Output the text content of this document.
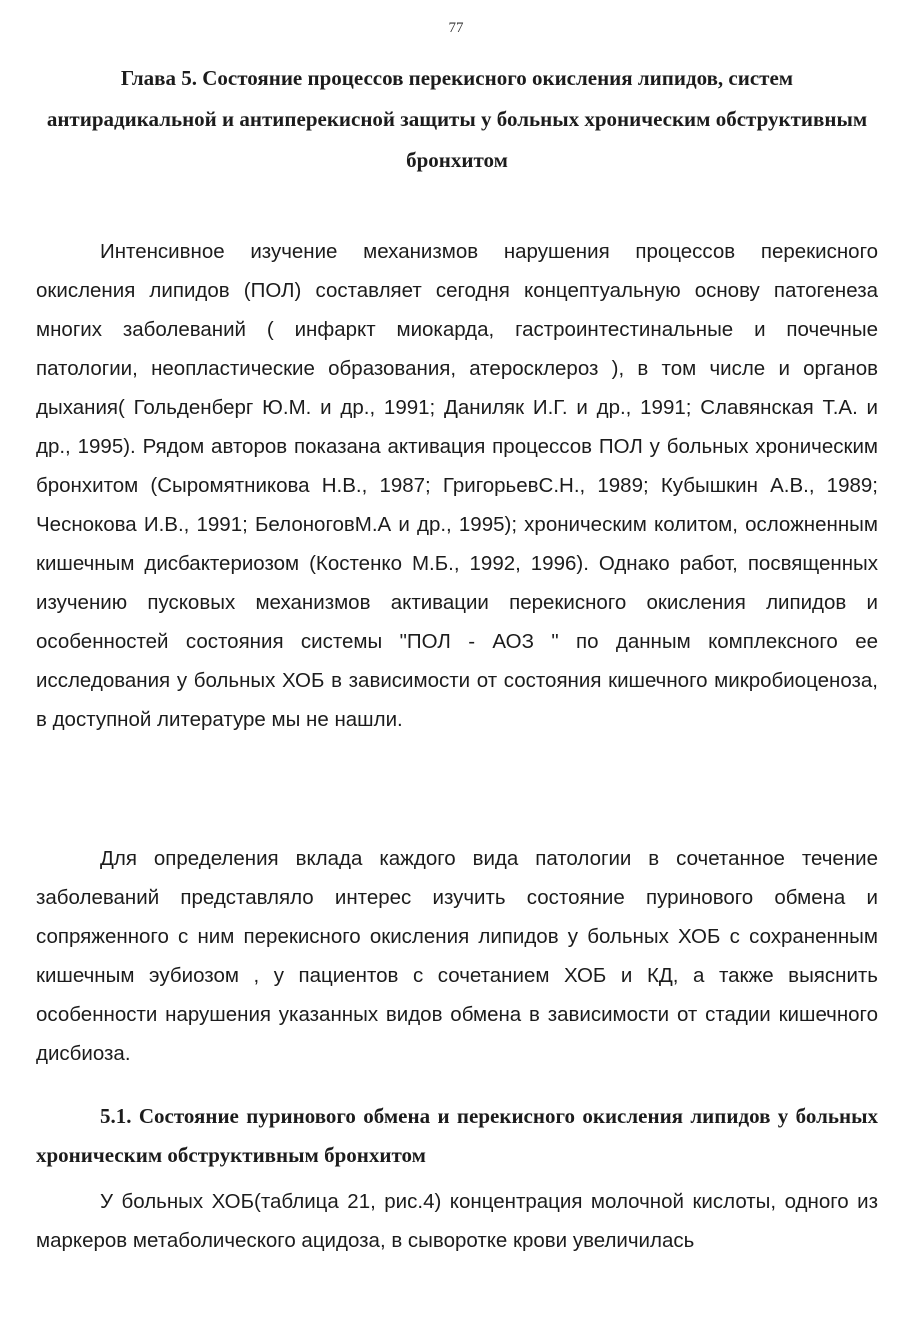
77
Глава 5. Состояние процессов перекисного окисления липидов, систем антирадикальной и антиперекисной защиты у больных хроническим обструктивным бронхитом

Интенсивное изучение механизмов нарушения процессов перекисного окисления липидов (ПОЛ) составляет сегодня концептуальную основу патогенеза многих заболеваний ( инфаркт миокарда, гастроинтестинальные и почечные патологии, неопластические образования, атеросклероз ), в том числе и органов дыхания( Гольденберг Ю.М. и др., 1991; Даниляк И.Г. и др., 1991; Славянская Т.А. и др., 1995). Рядом авторов показана активация процессов ПОЛ у больных хроническим бронхитом (Сыромятникова Н.В., 1987; ГригорьевС.Н., 1989; Кубышкин А.В., 1989; Чеснокова И.В., 1991; БелоноговМ.А и др., 1995); хроническим колитом, осложненным кишечным дисбактериозом (Костенко М.Б., 1992, 1996). Однако работ, посвященных изучению пусковых механизмов активации перекисного окисления липидов и особенностей состояния системы "ПОЛ - АОЗ " по данным комплексного ее исследования у больных ХОБ в зависимости от состояния кишечного микробиоценоза, в доступной литературе мы не нашли.

Для определения вклада каждого вида патологии в сочетанное течение заболеваний представляло интерес изучить состояние пуринового обмена и сопряженного с ним перекисного окисления липидов у больных ХОБ с сохраненным кишечным эубиозом , у пациентов с сочетанием ХОБ и КД, а также выяснить особенности нарушения указанных видов обмена в зависимости от стадии кишечного дисбиоза.

5.1. Состояние пуринового обмена и перекисного окисления липидов у больных хроническим обструктивным бронхитом

У больных ХОБ(таблица 21, рис.4) концентрация молочной кислоты, одного из маркеров метаболического ацидоза, в сыворотке крови увеличилась
